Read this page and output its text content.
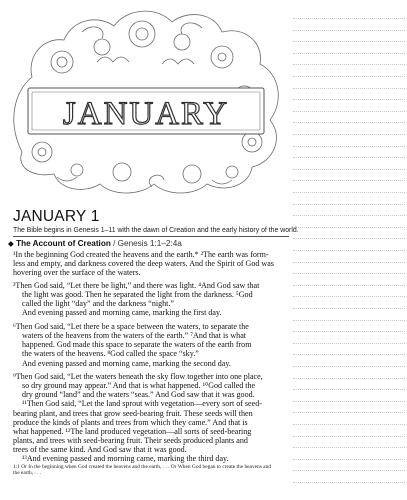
JANUARY
JANUARY 1
The Bible begins in Genesis 1–11 with the dawn of Creation and the early history of the world.
◆ The Account of Creation / Genesis 1:1–2:4a
¹In the beginning God created the heavens and the earth.* ²The earth was form-
less and empty, and darkness covered the deep waters. And the Spirit of God was
hovering over the surface of the waters.
³Then God said, “Let there be light,” and there was light. ⁴And God saw that
the light was good. Then he separated the light from the darkness. ⁵God
called the light “day” and the darkness “night.”
And evening passed and morning came, marking the first day.
⁶Then God said, “Let there be a space between the waters, to separate the
waters of the heavens from the waters of the earth.” ⁷And that is what
happened. God made this space to separate the waters of the earth from
the waters of the heavens. ⁸God called the space “sky.”
And evening passed and morning came, marking the second day.
⁹Then God said, “Let the waters beneath the sky flow together into one place,
so dry ground may appear.” And that is what happened. ¹⁰God called the
dry ground “land” and the waters “seas.” And God saw that it was good.
¹¹Then God said, “Let the land sprout with vegetation—every sort of seed-
bearing plant, and trees that grow seed-bearing fruit. These seeds will then
produce the kinds of plants and trees from which they came.” And that is
what happened. ¹²The land produced vegetation—all sorts of seed-bearing
plants, and trees with seed-bearing fruit. Their seeds produced plants and
trees of the same kind. And God saw that it was good.
¹³And evening passed and morning came, marking the third day.
1:1 Or In the beginning when God created the heavens and the earth, . . . Or When God began to create the heavens and
the earth, . . .
